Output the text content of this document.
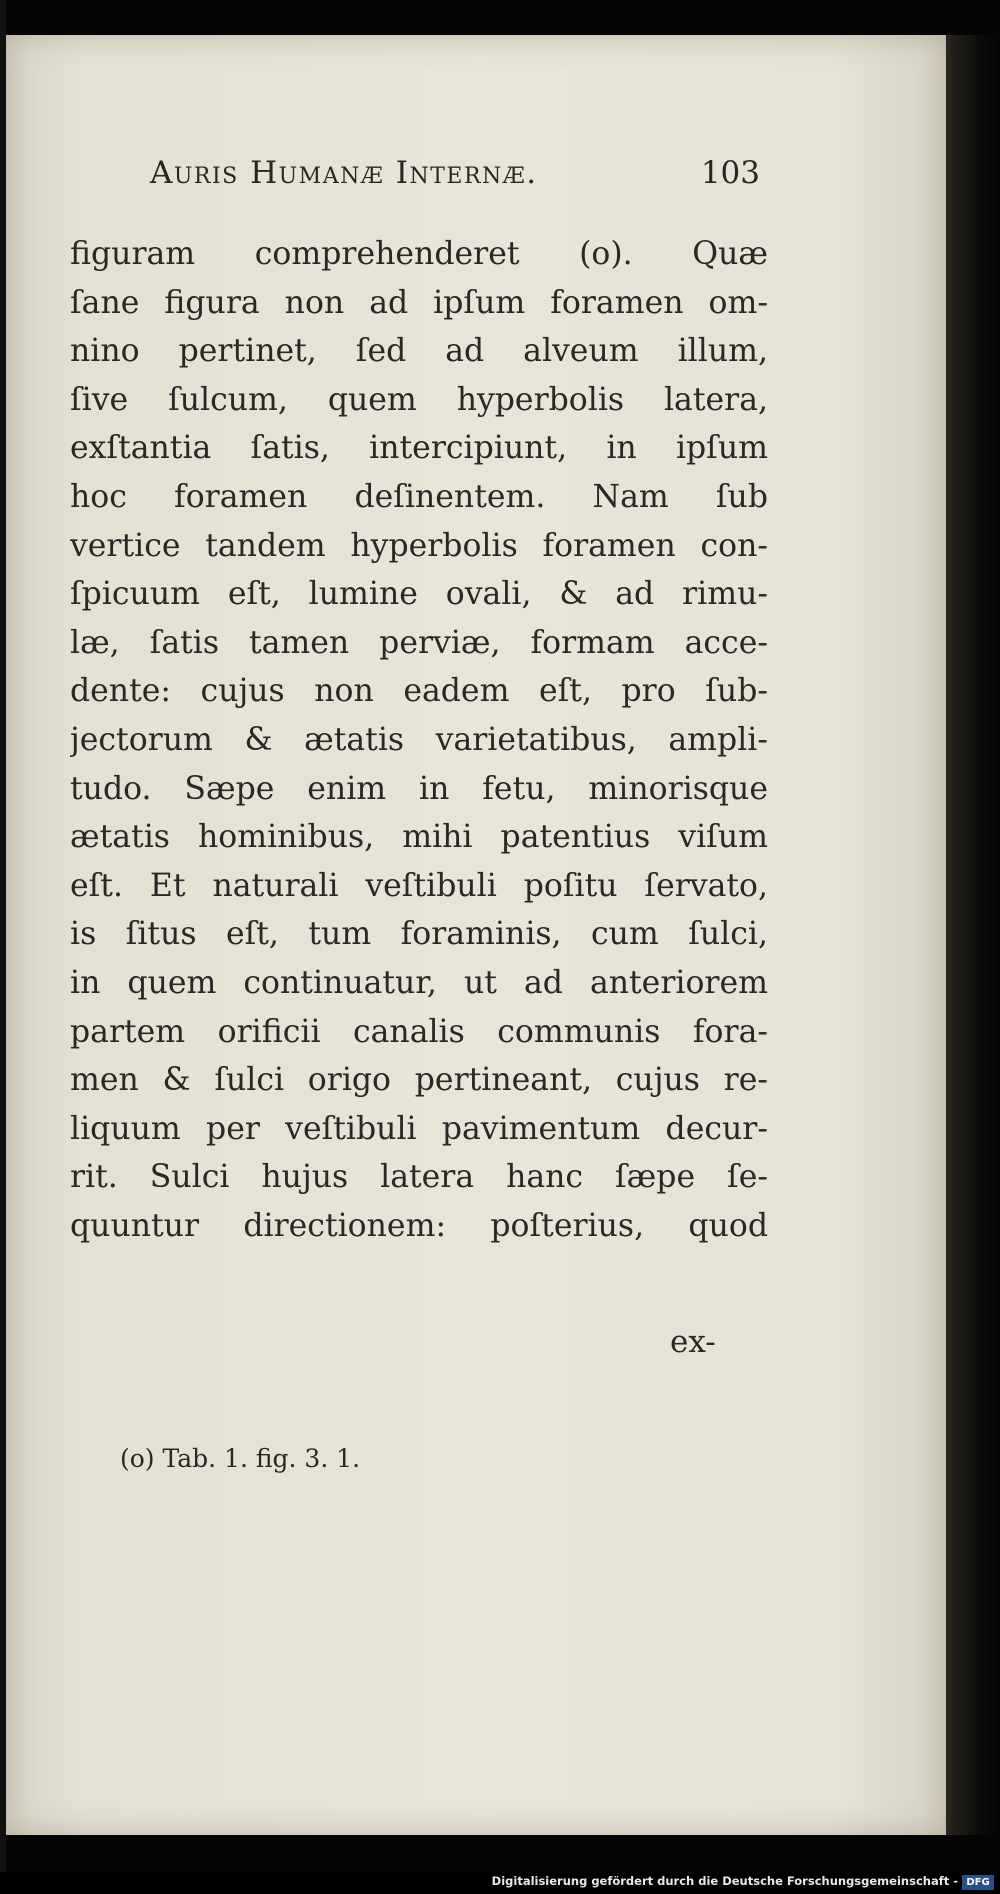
Auris Humanæ Internæ.	103
figuram comprehenderet (o). Quæ
ſane figura non ad ipſum foramen om-
nino pertinet, ſed ad alveum illum,
ſive ſulcum, quem hyperbolis latera,
exſtantia ſatis, intercipiunt, in ipſum
hoc foramen deſinentem. Nam ſub
vertice tandem hyperbolis foramen con-
ſpicuum eſt, lumine ovali, & ad rimu-
læ, ſatis tamen perviæ, formam acce-
dente: cujus non eadem eſt, pro ſub-
jectorum & ætatis varietatibus, ampli-
tudo. Sæpe enim in fetu, minorisque
ætatis hominibus, mihi patentius viſum
eſt. Et naturali veſtibuli poſitu ſervato,
is ſitus eſt, tum foraminis, cum ſulci,
in quem continuatur, ut ad anteriorem
partem orificii canalis communis fora-
men & ſulci origo pertineant, cujus re-
liquum per veſtibuli pavimentum decur-
rit. Sulci hujus latera hanc ſæpe ſe-
quuntur directionem: poſterius, quod
ex-
(o) Tab. 1. fig. 3. 1.
Digitalisierung gefördert durch die Deutsche Forschungsgemeinschaft - DFG
